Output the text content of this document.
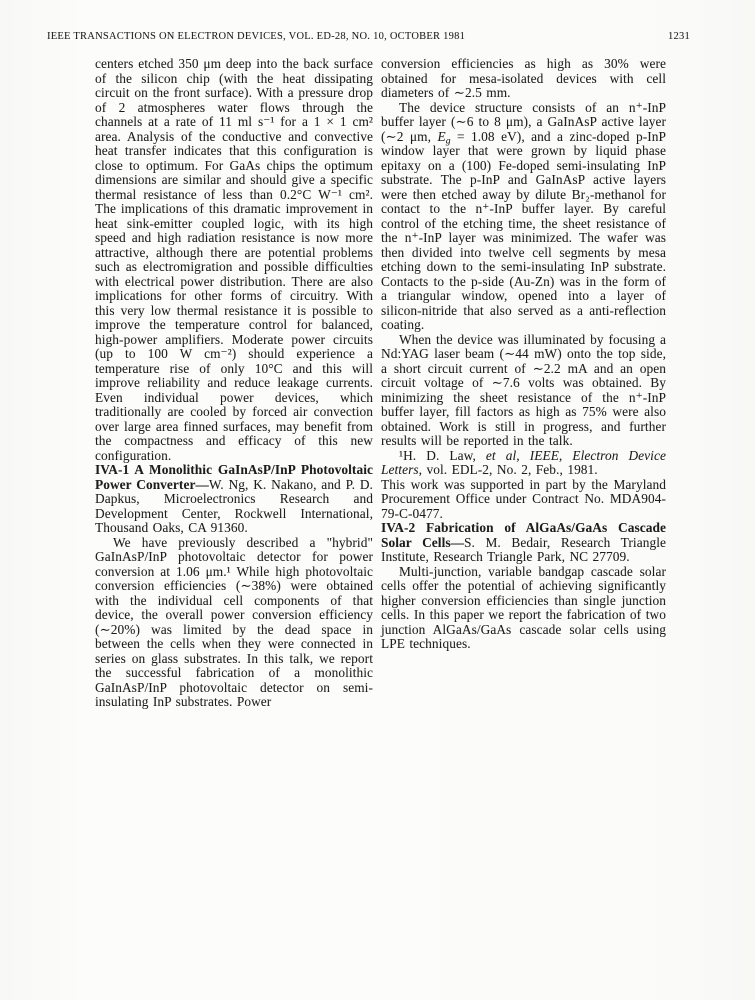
IEEE TRANSACTIONS ON ELECTRON DEVICES, VOL. ED-28, NO. 10, OCTOBER 1981	1231

centers etched 350 μm deep into the back surface of the silicon chip (with the heat dissipating circuit on the front surface). With a pressure drop of 2 atmospheres water flows through the channels at a rate of 11 ml s⁻¹ for a 1 × 1 cm² area. Analysis of the conductive and convective heat transfer indicates that this configuration is close to optimum. For GaAs chips the optimum dimensions are similar and should give a specific thermal resistance of less than 0.2°C W⁻¹ cm². The implications of this dramatic improvement in heat sink-emitter coupled logic, with its high speed and high radiation resistance is now more attractive, although there are potential problems such as electromigration and possible difficulties with electrical power distribution. There are also implications for other forms of circuitry. With this very low thermal resistance it is possible to improve the temperature control for balanced, high-power amplifiers. Moderate power circuits (up to 100 W cm⁻²) should experience a temperature rise of only 10°C and this will improve reliability and reduce leakage currents. Even individual power devices, which traditionally are cooled by forced air convection over large area finned surfaces, may benefit from the compactness and efficacy of this new configuration.

IVA-1 A Monolithic GaInAsP/InP Photovoltaic Power Converter—W. Ng, K. Nakano, and P. D. Dapkus, Microelectronics Research and Development Center, Rockwell International, Thousand Oaks, CA 91360.

We have previously described a "hybrid" GaInAsP/InP photovoltaic detector for power conversion at 1.06 μm.¹ While high photovoltaic conversion efficiencies (∼38%) were obtained with the individual cell components of that device, the overall power conversion efficiency (∼20%) was limited by the dead space in between the cells when they were connected in series on glass substrates. In this talk, we report the successful fabrication of a monolithic GaInAsP/InP photovoltaic detector on semi-insulating InP substrates. Power

conversion efficiencies as high as 30% were obtained for mesa-isolated devices with cell diameters of ∼2.5 mm.

The device structure consists of an n⁺-InP buffer layer (∼6 to 8 μm), a GaInAsP active layer (∼2 μm, $E_g = 1.08$ eV), and a zinc-doped p-InP window layer that were grown by liquid phase epitaxy on a (100) Fe-doped semi-insulating InP substrate. The p-InP and GaInAsP active layers were then etched away by dilute Br₂-methanol for contact to the n⁺-InP buffer layer. By careful control of the etching time, the sheet resistance of the n⁺-InP layer was minimized. The wafer was then divided into twelve cell segments by mesa etching down to the semi-insulating InP substrate. Contacts to the p-side (Au-Zn) was in the form of a triangular window, opened into a layer of silicon-nitride that also served as a anti-reflection coating.

When the device was illuminated by focusing a Nd:YAG laser beam (∼44 mW) onto the top side, a short circuit current of ∼2.2 mA and an open circuit voltage of ∼7.6 volts was obtained. By minimizing the sheet resistance of the n⁺-InP buffer layer, fill factors as high as 75% were also obtained. Work is still in progress, and further results will be reported in the talk.

¹H. D. Law, et al, IEEE, Electron Device Letters, vol. EDL-2, No. 2, Feb., 1981.

This work was supported in part by the Maryland Procurement Office under Contract No. MDA904-79-C-0477.

IVA-2 Fabrication of AlGaAs/GaAs Cascade Solar Cells—S. M. Bedair, Research Triangle Institute, Research Triangle Park, NC 27709.

Multi-junction, variable bandgap cascade solar cells offer the potential of achieving significantly higher conversion efficiencies than single junction cells. In this paper we report the fabrication of two junction AlGaAs/GaAs cascade solar cells using LPE techniques.
